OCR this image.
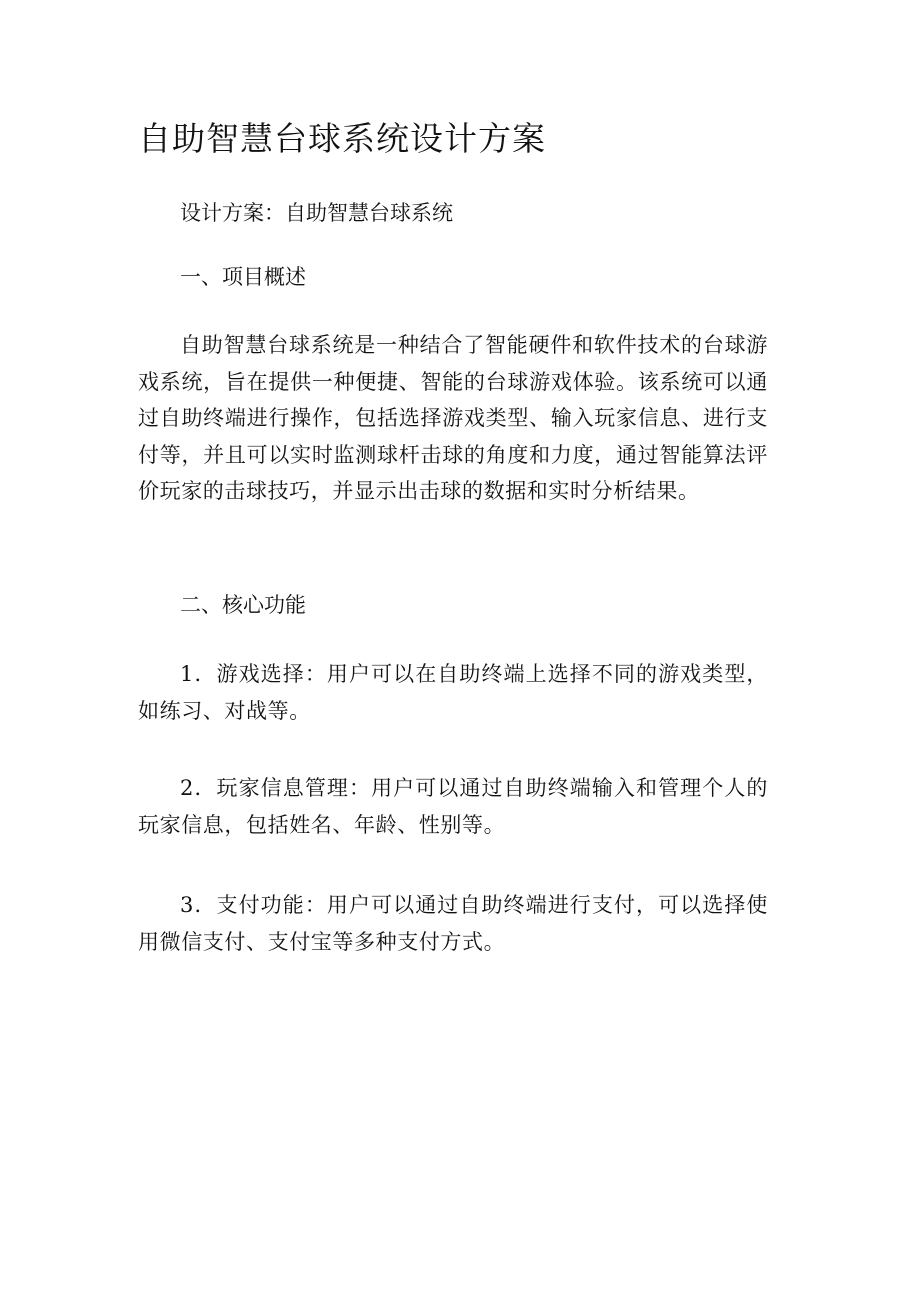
自助智慧台球系统设计方案

设计方案：自助智慧台球系统

一、项目概述

自助智慧台球系统是一种结合了智能硬件和软件技术的台球游戏系统，旨在提供一种便捷、智能的台球游戏体验。该系统可以通过自助终端进行操作，包括选择游戏类型、输入玩家信息、进行支付等，并且可以实时监测球杆击球的角度和力度，通过智能算法评价玩家的击球技巧，并显示出击球的数据和实时分析结果。

二、核心功能

1．游戏选择：用户可以在自助终端上选择不同的游戏类型，如练习、对战等。

2．玩家信息管理：用户可以通过自助终端输入和管理个人的玩家信息，包括姓名、年龄、性别等。

3．支付功能：用户可以通过自助终端进行支付，可以选择使用微信支付、支付宝等多种支付方式。
